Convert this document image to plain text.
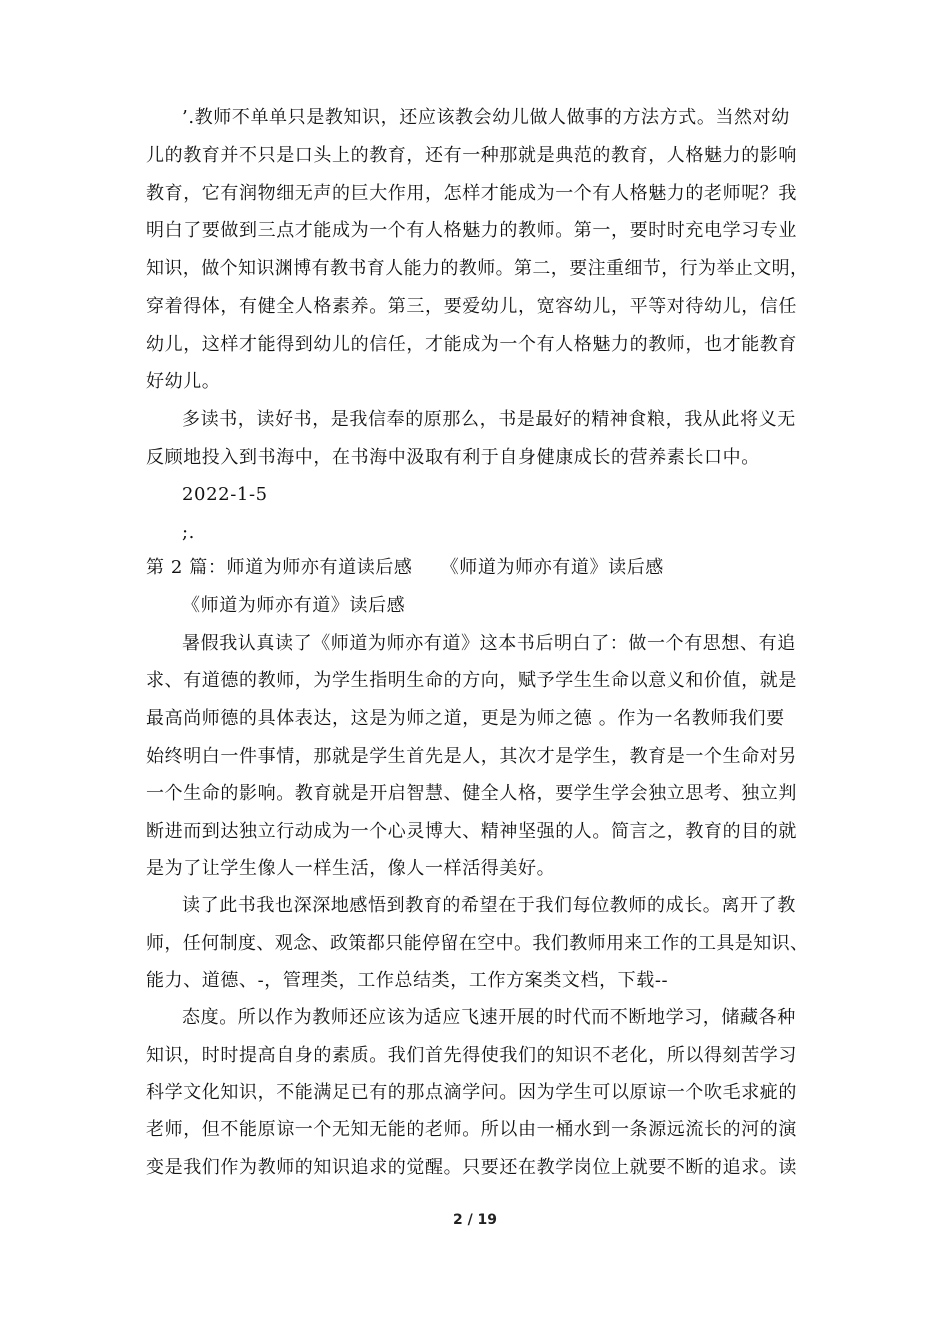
’.教师不单单只是教知识，还应该教会幼儿做人做事的方法方式。当然对幼
儿的教育并不只是口头上的教育，还有一种那就是典范的教育，人格魅力的影响
教育，它有润物细无声的巨大作用，怎样才能成为一个有人格魅力的老师呢？我
明白了要做到三点才能成为一个有人格魅力的教师。第一，要时时充电学习专业
知识，做个知识渊博有教书育人能力的教师。第二，要注重细节，行为举止文明，
穿着得体，有健全人格素养。第三，要爱幼儿，宽容幼儿，平等对待幼儿，信任
幼儿，这样才能得到幼儿的信任，才能成为一个有人格魅力的教师，也才能教育
好幼儿。
多读书，读好书，是我信奉的原那么，书是最好的精神食粮，我从此将义无
反顾地投入到书海中，在书海中汲取有利于自身健康成长的营养素长口中。
2022-1-5
;.
第 2 篇：师道为师亦有道读后感　　《师道为师亦有道》读后感
《师道为师亦有道》读后感
暑假我认真读了《师道为师亦有道》这本书后明白了：做一个有思想、有追
求、有道德的教师，为学生指明生命的方向，赋予学生生命以意义和价值，就是
最高尚师德的具体表达，这是为师之道，更是为师之德 。作为一名教师我们要
始终明白一件事情，那就是学生首先是人，其次才是学生，教育是一个生命对另
一个生命的影响。教育就是开启智慧、健全人格，要学生学会独立思考、独立判
断进而到达独立行动成为一个心灵博大、精神坚强的人。简言之，教育的目的就
是为了让学生像人一样生活，像人一样活得美好。
读了此书我也深深地感悟到教育的希望在于我们每位教师的成长。离开了教
师，任何制度、观念、政策都只能停留在空中。我们教师用来工作的工具是知识、
能力、道德、-，管理类，工作总结类，工作方案类文档，下载--
态度。所以作为教师还应该为适应飞速开展的时代而不断地学习，储藏各种
知识，时时提高自身的素质。我们首先得使我们的知识不老化，所以得刻苦学习
科学文化知识，不能满足已有的那点滴学问。因为学生可以原谅一个吹毛求疵的
老师，但不能原谅一个无知无能的老师。所以由一桶水到一条源远流长的河的演
变是我们作为教师的知识追求的觉醒。只要还在教学岗位上就要不断的追求。读
2 / 19
